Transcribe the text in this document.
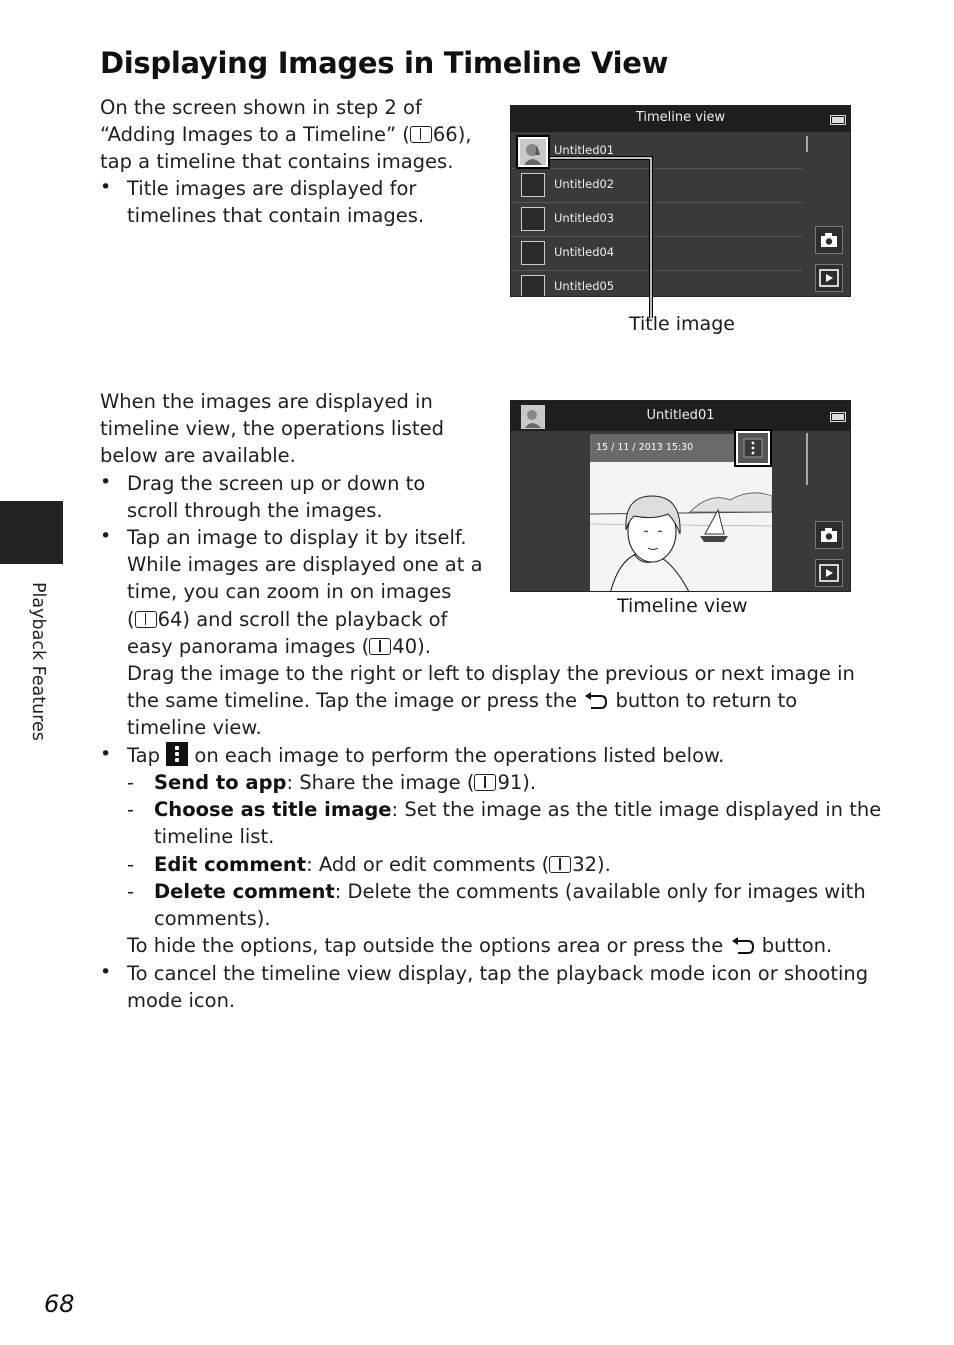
Displaying Images in Timeline View
On the screen shown in step 2 of
“Adding Images to a Timeline” ( 66),
tap a timeline that contains images.
• Title images are displayed for
timelines that contain images.
Timeline view
Untitled01
Untitled02
Untitled03
Untitled04
Untitled05
Title image
When the images are displayed in
timeline view, the operations listed
below are available.
Untitled01
15 / 11 / 2013 15:30
Timeline view
• Drag the screen up or down to
scroll through the images.
• Tap an image to display it by itself.
While images are displayed one at a
time, you can zoom in on images
( 64) and scroll the playback of
easy panorama images ( 40).
Drag the image to the right or left to display the previous or next image in
the same timeline. Tap the image or press the button to return to
timeline view.
• Tap on each image to perform the operations listed below.
- Send to app: Share the image ( 91).
- Choose as title image: Set the image as the title image displayed in the
timeline list.
- Edit comment: Add or edit comments ( 32).
- Delete comment: Delete the comments (available only for images with
comments).
To hide the options, tap outside the options area or press the button.
• To cancel the timeline view display, tap the playback mode icon or shooting
mode icon.
Playback Features
68
